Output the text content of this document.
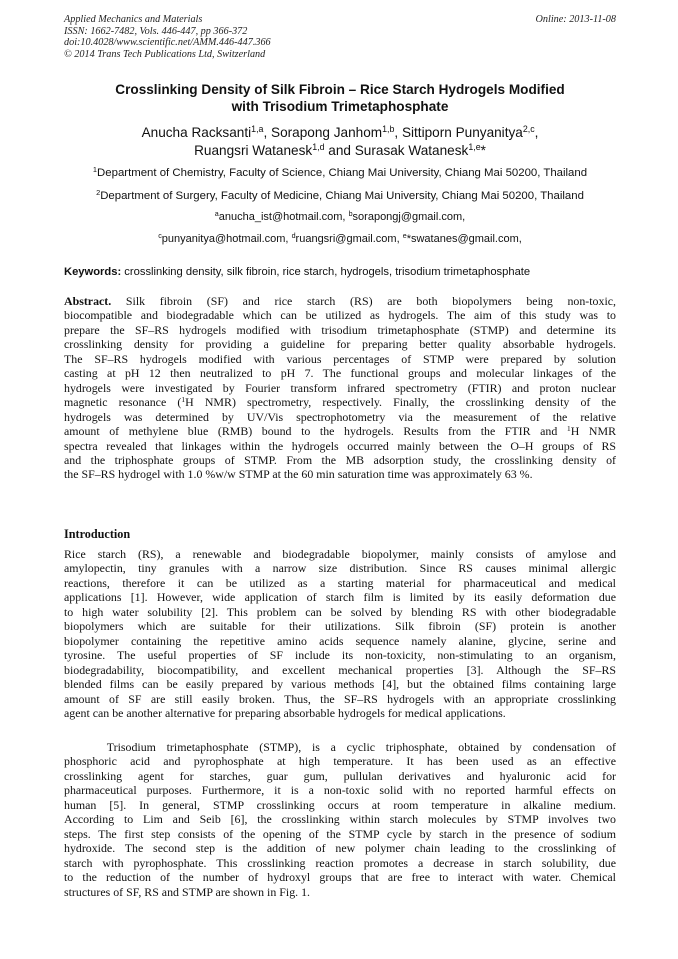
Applied Mechanics and Materials
ISSN: 1662-7482, Vols. 446-447, pp 366-372
doi:10.4028/www.scientific.net/AMM.446-447.366
© 2014 Trans Tech Publications Ltd, Switzerland
Online: 2013-11-08
Crosslinking Density of Silk Fibroin – Rice Starch Hydrogels Modified
with Trisodium Trimetaphosphate
Anucha Racksanti$^{1,a}$, Sorapong Janhom$^{1,b}$, Sittiporn Punyanitya$^{2,c}$,
Ruangsri Watanesk$^{1,d}$ and Surasak Watanesk$^{1,e}$*
$^1$Department of Chemistry, Faculty of Science, Chiang Mai University, Chiang Mai 50200, Thailand
$^2$Department of Surgery, Faculty of Medicine, Chiang Mai University, Chiang Mai 50200, Thailand
$^a$anucha_ist@hotmail.com, $^b$sorapongj@gmail.com,
$^c$punyanitya@hotmail.com, $^d$ruangsri@gmail.com, $^e$*swatanes@gmail.com,
Keywords: crosslinking density, silk fibroin, rice starch, hydrogels, trisodium trimetaphosphate
Abstract. Silk fibroin (SF) and rice starch (RS) are both biopolymers being non-toxic,
biocompatible and biodegradable which can be utilized as hydrogels. The aim of this study was to
prepare the SF–RS hydrogels modified with trisodium trimetaphosphate (STMP) and determine its
crosslinking density for providing a guideline for preparing better quality absorbable hydrogels.
The SF–RS hydrogels modified with various percentages of STMP were prepared by solution
casting at pH 12 then neutralized to pH 7. The functional groups and molecular linkages of the
hydrogels were investigated by Fourier transform infrared spectrometry (FTIR) and proton nuclear
magnetic resonance ($^1$H NMR) spectrometry, respectively. Finally, the crosslinking density of the
hydrogels was determined by UV/Vis spectrophotometry via the measurement of the relative
amount of methylene blue (RMB) bound to the hydrogels. Results from the FTIR and $^1$H NMR
spectra revealed that linkages within the hydrogels occurred mainly between the O–H groups of RS
and the triphosphate groups of STMP. From the MB adsorption study, the crosslinking density of
the SF–RS hydrogel with 1.0 %w/w STMP at the 60 min saturation time was approximately 63 %.
Introduction
Rice starch (RS), a renewable and biodegradable biopolymer, mainly consists of amylose and
amylopectin, tiny granules with a narrow size distribution. Since RS causes minimal allergic
reactions, therefore it can be utilized as a starting material for pharmaceutical and medical
applications [1]. However, wide application of starch film is limited by its easily deformation due
to high water solubility [2]. This problem can be solved by blending RS with other biodegradable
biopolymers which are suitable for their utilizations. Silk fibroin (SF) protein is another
biopolymer containing the repetitive amino acids sequence namely alanine, glycine, serine and
tyrosine. The useful properties of SF include its non-toxicity, non-stimulating to an organism,
biodegradability, biocompatibility, and excellent mechanical properties [3]. Although the SF–RS
blended films can be easily prepared by various methods [4], but the obtained films containing large
amount of SF are still easily broken. Thus, the SF–RS hydrogels with an appropriate crosslinking
agent can be another alternative for preparing absorbable hydrogels for medical applications.
Trisodium trimetaphosphate (STMP), is a cyclic triphosphate, obtained by condensation of
phosphoric acid and pyrophosphate at high temperature. It has been used as an effective
crosslinking agent for starches, guar gum, pullulan derivatives and hyaluronic acid for
pharmaceutical purposes. Furthermore, it is a non-toxic solid with no reported harmful effects on
human [5]. In general, STMP crosslinking occurs at room temperature in alkaline medium.
According to Lim and Seib [6], the crosslinking within starch molecules by STMP involves two
steps. The first step consists of the opening of the STMP cycle by starch in the presence of sodium
hydroxide. The second step is the addition of new polymer chain leading to the crosslinking of
starch with pyrophosphate. This crosslinking reaction promotes a decrease in starch solubility, due
to the reduction of the number of hydroxyl groups that are free to interact with water. Chemical
structures of SF, RS and STMP are shown in Fig. 1.
